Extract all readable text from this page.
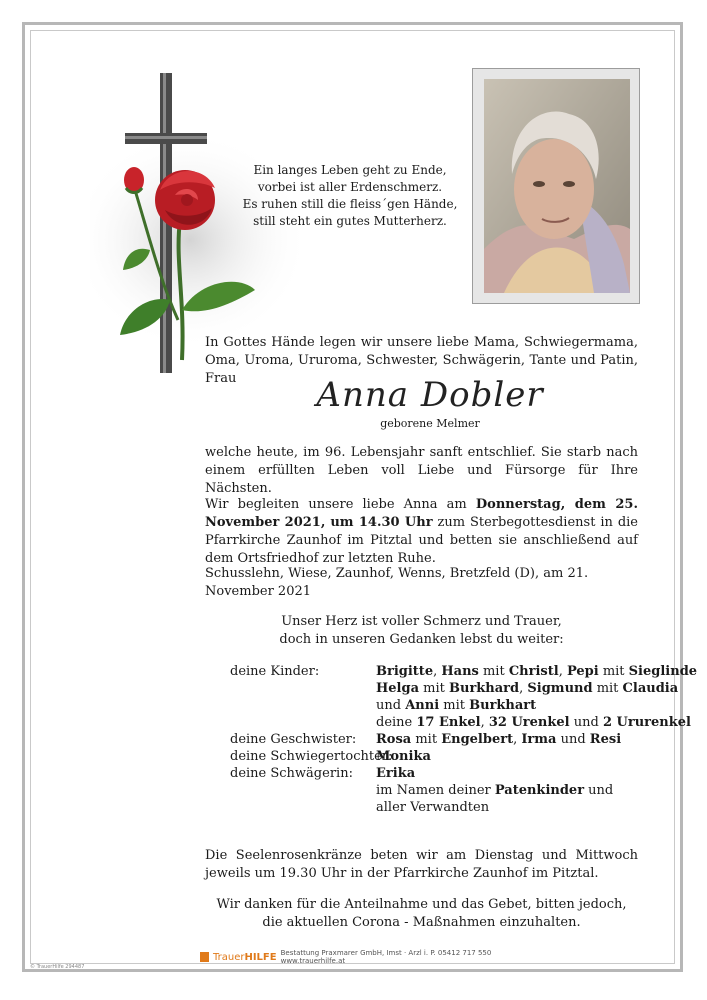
Ein langes Leben geht zu Ende,
vorbei ist aller Erdenschmerz.
Es ruhen still die fleiss´gen Hände,
still steht ein gutes Mutterherz.
In Gottes Hände legen wir unsere liebe Mama, Schwiegermama, Oma, Uroma, Ururoma, Schwester, Schwägerin, Tante und Patin, Frau	Anna Dobler
geborene Melmer
welche heute, im 96. Lebensjahr sanft entschlief. Sie starb nach einem erfüllten Leben voll Liebe und Fürsorge für Ihre Nächsten.
Wir begleiten unsere liebe Anna am Donnerstag, dem 25. November 2021, um 14.30 Uhr zum Sterbegottesdienst in die Pfarrkirche Zaunhof im Pitztal und betten sie anschließend auf dem Ortsfriedhof zur letzten Ruhe.
Schusslehn, Wiese, Zaunhof, Wenns, Bretzfeld (D), am 21. November 2021
Unser Herz ist voller Schmerz und Trauer,
doch in unseren Gedanken lebst du weiter:
deine Kinder:	Brigitte, Hans mit Christl, Pepi mit Sieglinde
Helga mit Burkhard, Sigmund mit Claudia
und Anni mit Burkhart
deine 17 Enkel, 32 Urenkel und 2 Ururenkel
deine Geschwister: Rosa mit Engelbert, Irma und Resi
deine Schwiegertochter:
Monika
deine Schwägerin: Erika
im Namen deiner Patenkinder und
aller Verwandten
Die Seelenrosenkränze beten wir am Dienstag und Mittwoch jeweils um 19.30 Uhr in der Pfarrkirche Zaunhof im Pitztal.
Wir danken für die Anteilnahme und das Gebet, bitten jedoch,
die aktuellen Corona - Maßnahmen einzuhalten.
TrauerHILFE Bestattung Praxmarer GmbH, Imst · Arzl i. P. 05412 717 550 www.trauerhilfe.at
© TrauerHilfe 294487
